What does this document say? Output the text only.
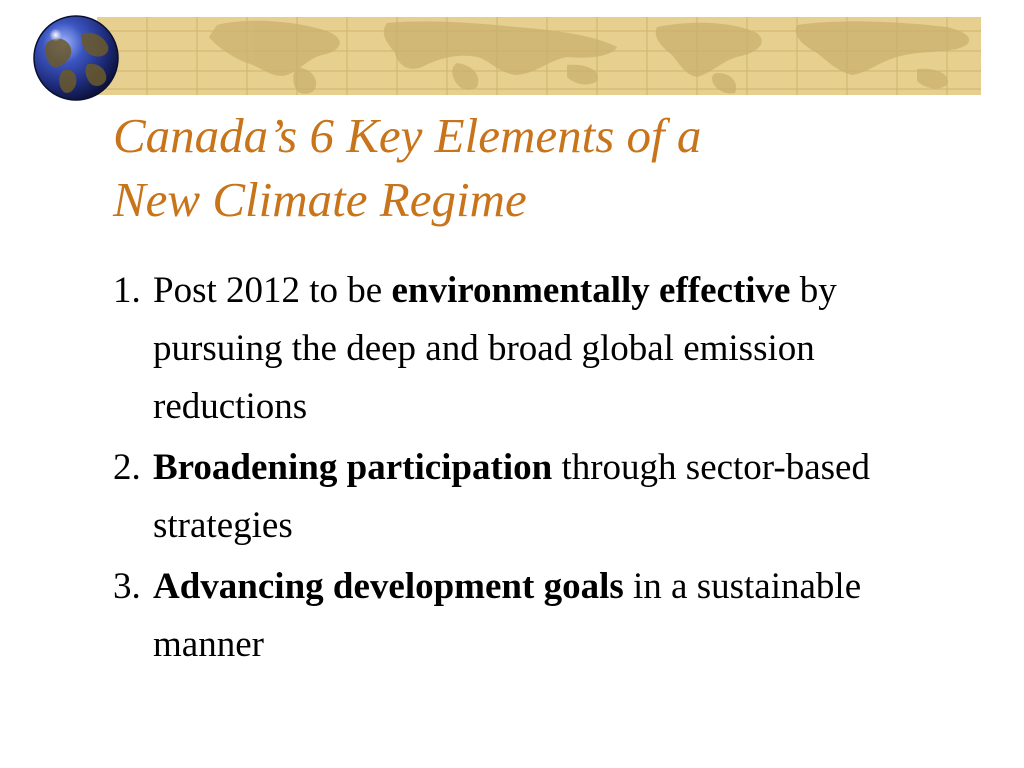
Canada’s 6 Key Elements of a
New Climate Regime
1. Post 2012 to be environmentally effective by pursuing the deep and broad global emission reductions
2. Broadening participation through sector-based strategies
3. Advancing development goals in a sustainable manner
